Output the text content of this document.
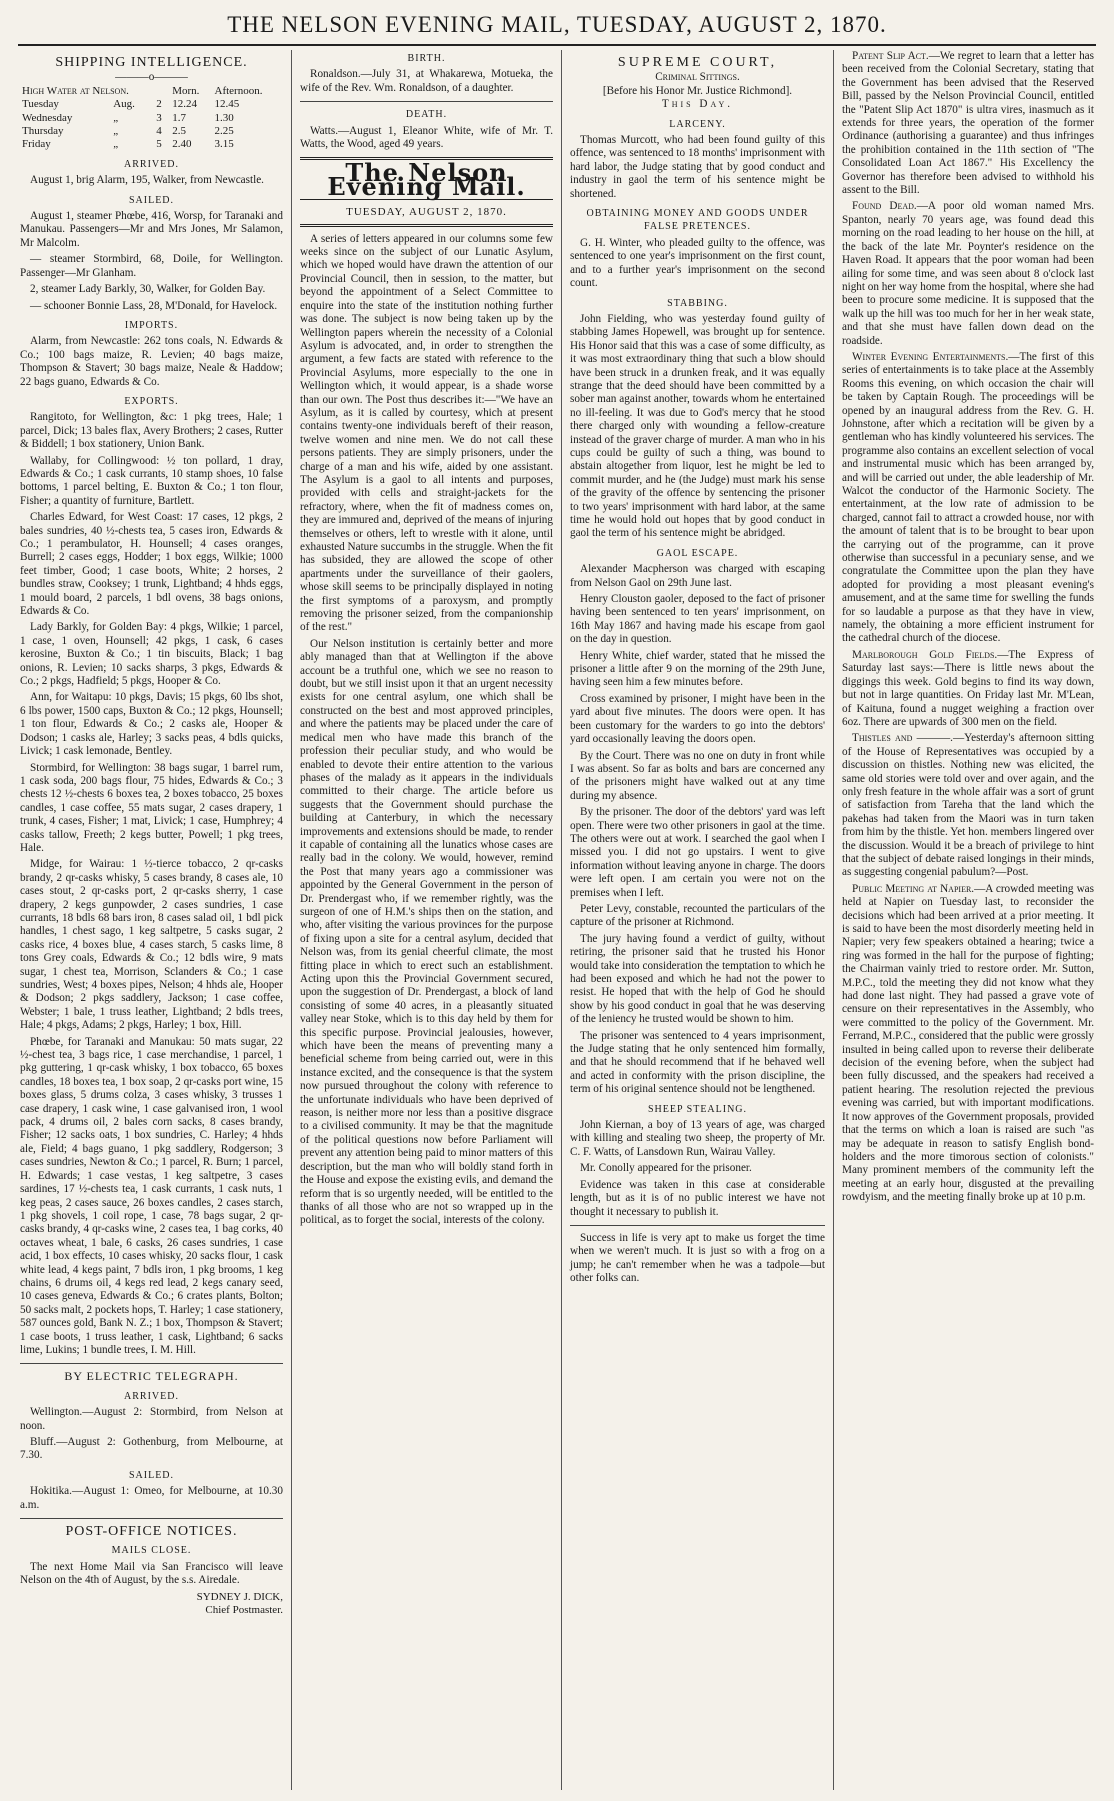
THE NELSON EVENING MAIL, TUESDAY, AUGUST 2, 1870.
SHIPPING INTELLIGENCE.
———o———
High Water at Nelson.			Morn.	Afternoon.
Tuesday	Aug.	2	12.24	12.45
Wednesday	„	3	1.7	1.30
Thursday	„	4	2.5	2.25
Friday	„	5	2.40	3.15
ARRIVED.

August 1, brig Alarm, 195, Walker, from Newcastle.

SAILED.

August 1, steamer Phœbe, 416, Worsp, for Taranaki and Manukau. Passengers—Mr and Mrs Jones, Mr Salamon, Mr Malcolm.

— steamer Stormbird, 68, Doile, for Wellington. Passenger—Mr Glanham.

2, steamer Lady Barkly, 30, Walker, for Golden Bay.

— schooner Bonnie Lass, 28, M'Donald, for Havelock.

IMPORTS.

Alarm, from Newcastle: 262 tons coals, N. Edwards & Co.; 100 bags maize, R. Levien; 40 bags maize, Thompson & Stavert; 30 bags maize, Neale & Haddow; 22 bags guano, Edwards & Co.

EXPORTS.

Rangitoto, for Wellington, &c: 1 pkg trees, Hale; 1 parcel, Dick; 13 bales flax, Avery Brothers; 2 cases, Rutter & Biddell; 1 box stationery, Union Bank.

Wallaby, for Collingwood: ½ ton pollard, 1 dray, Edwards & Co.; 1 cask currants, 10 stamp shoes, 10 false bottoms, 1 parcel belting, E. Buxton & Co.; 1 ton flour, Fisher; a quantity of furniture, Bartlett.

Charles Edward, for West Coast: 17 cases, 12 pkgs, 2 bales sundries, 40 ½-chests tea, 5 cases iron, Edwards & Co.; 1 perambulator, H. Hounsell; 4 cases oranges, Burrell; 2 cases eggs, Hodder; 1 box eggs, Wilkie; 1000 feet timber, Good; 1 case boots, White; 2 horses, 2 bundles straw, Cooksey; 1 trunk, Lightband; 4 hhds eggs, 1 mould board, 2 parcels, 1 bdl ovens, 38 bags onions, Edwards & Co.

Lady Barkly, for Golden Bay: 4 pkgs, Wilkie; 1 parcel, 1 case, 1 oven, Hounsell; 42 pkgs, 1 cask, 6 cases kerosine, Buxton & Co.; 1 tin biscuits, Black; 1 bag onions, R. Levien; 10 sacks sharps, 3 pkgs, Edwards & Co.; 2 pkgs, Hadfield; 5 pkgs, Hooper & Co.

Ann, for Waitapu: 10 pkgs, Davis; 15 pkgs, 60 lbs shot, 6 lbs power, 1500 caps, Buxton & Co.; 12 pkgs, Hounsell; 1 ton flour, Edwards & Co.; 2 casks ale, Hooper & Dodson; 1 casks ale, Harley; 3 sacks peas, 4 bdls quicks, Livick; 1 cask lemonade, Bentley.

Stormbird, for Wellington: 38 bags sugar, 1 barrel rum, 1 cask soda, 200 bags flour, 75 hides, Edwards & Co.; 3 chests 12 ½-chests 6 boxes tea, 2 boxes tobacco, 25 boxes candles, 1 case coffee, 55 mats sugar, 2 cases drapery, 1 trunk, 4 cases, Fisher; 1 mat, Livick; 1 case, Humphrey; 4 casks tallow, Freeth; 2 kegs butter, Powell; 1 pkg trees, Hale.

Midge, for Wairau: 1 ½-tierce tobacco, 2 qr-casks brandy, 2 qr-casks whisky, 5 cases brandy, 8 cases ale, 10 cases stout, 2 qr-casks port, 2 qr-casks sherry, 1 case drapery, 2 kegs gunpowder, 2 cases sundries, 1 case currants, 18 bdls 68 bars iron, 8 cases salad oil, 1 bdl pick handles, 1 chest sago, 1 keg saltpetre, 5 casks sugar, 2 casks rice, 4 boxes blue, 4 cases starch, 5 casks lime, 8 tons Grey coals, Edwards & Co.; 12 bdls wire, 9 mats sugar, 1 chest tea, Morrison, Sclanders & Co.; 1 case sundries, West; 4 boxes pipes, Nelson; 4 hhds ale, Hooper & Dodson; 2 pkgs saddlery, Jackson; 1 case coffee, Webster; 1 bale, 1 truss leather, Lightband; 2 bdls trees, Hale; 4 pkgs, Adams; 2 pkgs, Harley; 1 box, Hill.

Phœbe, for Taranaki and Manukau: 50 mats sugar, 22 ½-chest tea, 3 bags rice, 1 case merchandise, 1 parcel, 1 pkg guttering, 1 qr-cask whisky, 1 box tobacco, 65 boxes candles, 18 boxes tea, 1 box soap, 2 qr-casks port wine, 15 boxes glass, 5 drums colza, 3 cases whisky, 3 trusses 1 case drapery, 1 cask wine, 1 case galvanised iron, 1 wool pack, 4 drums oil, 2 bales corn sacks, 8 cases brandy, Fisher; 12 sacks oats, 1 box sundries, C. Harley; 4 hhds ale, Field; 4 bags guano, 1 pkg saddlery, Rodgerson; 3 cases sundries, Newton & Co.; 1 parcel, R. Burn; 1 parcel, H. Edwards; 1 case vestas, 1 keg saltpetre, 3 cases sardines, 17 ½-chests tea, 1 cask currants, 1 cask nuts, 1 keg peas, 2 cases sauce, 26 boxes candles, 2 cases starch, 1 pkg shovels, 1 coil rope, 1 case, 78 bags sugar, 2 qr-casks brandy, 4 qr-casks wine, 2 cases tea, 1 bag corks, 40 octaves wheat, 1 bale, 6 casks, 26 cases sundries, 1 case acid, 1 box effects, 10 cases whisky, 20 sacks flour, 1 cask white lead, 4 kegs paint, 7 bdls iron, 1 pkg brooms, 1 keg chains, 6 drums oil, 4 kegs red lead, 2 kegs canary seed, 10 cases geneva, Edwards & Co.; 6 crates plants, Bolton; 50 sacks malt, 2 pockets hops, T. Harley; 1 case stationery, 587 ounces gold, Bank N. Z.; 1 box, Thompson & Stavert; 1 case boots, 1 truss leather, 1 cask, Lightband; 6 sacks lime, Lukins; 1 bundle trees, I. M. Hill.

BY ELECTRIC TELEGRAPH.
ARRIVED.

Wellington.—August 2: Stormbird, from Nelson at noon.

Bluff.—August 2: Gothenburg, from Melbourne, at 7.30.

SAILED.

Hokitika.—August 1: Omeo, for Melbourne, at 10.30 a.m.

POST-OFFICE NOTICES.
MAILS CLOSE.

The next Home Mail via San Francisco will leave Nelson on the 4th of August, by the s.s. Airedale.

SYDNEY J. DICK,
Chief Postmaster.
BIRTH.

Ronaldson.—July 31, at Whakarewa, Motueka, the wife of the Rev. Wm. Ronaldson, of a daughter.

DEATH.

Watts.—August 1, Eleanor White, wife of Mr. T. Watts, the Wood, aged 49 years.

The Nelson Evening Mail.
TUESDAY, AUGUST 2, 1870.

A series of letters appeared in our columns some few weeks since on the subject of our Lunatic Asylum, which we hoped would have drawn the attention of our Provincial Council, then in session, to the matter, but beyond the appointment of a Select Committee to enquire into the state of the institution nothing further was done. The subject is now being taken up by the Wellington papers wherein the necessity of a Colonial Asylum is advocated, and, in order to strengthen the argument, a few facts are stated with reference to the Provincial Asylums, more especially to the one in Wellington which, it would appear, is a shade worse than our own. The Post thus describes it:—"We have an Asylum, as it is called by courtesy, which at present contains twenty-one individuals bereft of their reason, twelve women and nine men. We do not call these persons patients. They are simply prisoners, under the charge of a man and his wife, aided by one assistant. The Asylum is a gaol to all intents and purposes, provided with cells and straight-jackets for the refractory, where, when the fit of madness comes on, they are immured and, deprived of the means of injuring themselves or others, left to wrestle with it alone, until exhausted Nature succumbs in the struggle. When the fit has subsided, they are allowed the scope of other apartments under the surveillance of their gaolers, whose skill seems to be principally displayed in noting the first symptoms of a paroxysm, and promptly removing the prisoner seized, from the companionship of the rest."

Our Nelson institution is certainly better and more ably managed than that at Wellington if the above account be a truthful one, which we see no reason to doubt, but we still insist upon it that an urgent necessity exists for one central asylum, one which shall be constructed on the best and most approved principles, and where the patients may be placed under the care of medical men who have made this branch of the profession their peculiar study, and who would be enabled to devote their entire attention to the various phases of the malady as it appears in the individuals committed to their charge. The article before us suggests that the Government should purchase the building at Canterbury, in which the necessary improvements and extensions should be made, to render it capable of containing all the lunatics whose cases are really bad in the colony. We would, however, remind the Post that many years ago a commissioner was appointed by the General Government in the person of Dr. Prendergast who, if we remember rightly, was the surgeon of one of H.M.'s ships then on the station, and who, after visiting the various provinces for the purpose of fixing upon a site for a central asylum, decided that Nelson was, from its genial cheerful climate, the most fitting place in which to erect such an establishment. Acting upon this the Provincial Government secured, upon the suggestion of Dr. Prendergast, a block of land consisting of some 40 acres, in a pleasantly situated valley near Stoke, which is to this day held by them for this specific purpose. Provincial jealousies, however, which have been the means of preventing many a beneficial scheme from being carried out, were in this instance excited, and the consequence is that the system now pursued throughout the colony with reference to the unfortunate individuals who have been deprived of reason, is neither more nor less than a positive disgrace to a civilised community. It may be that the magnitude of the political questions now before Parliament will prevent any attention being paid to minor matters of this description, but the man who will boldly stand forth in the House and expose the existing evils, and demand the reform that is so urgently needed, will be entitled to the thanks of all those who are not so wrapped up in the political, as to forget the social, interests of the colony.

SUPREME COURT,
Criminal Sittings.
[Before his Honor Mr. Justice Richmond].
This Day.
LARCENY.

Thomas Murcott, who had been found guilty of this offence, was sentenced to 18 months' imprisonment with hard labor, the Judge stating that by good conduct and industry in gaol the term of his sentence might be shortened.

OBTAINING MONEY AND GOODS UNDER FALSE PRETENCES.

G. H. Winter, who pleaded guilty to the offence, was sentenced to one year's imprisonment on the first count, and to a further year's imprisonment on the second count.

STABBING.

John Fielding, who was yesterday found guilty of stabbing James Hopewell, was brought up for sentence. His Honor said that this was a case of some difficulty, as it was most extraordinary thing that such a blow should have been struck in a drunken freak, and it was equally strange that the deed should have been committed by a sober man against another, towards whom he entertained no ill-feeling. It was due to God's mercy that he stood there charged only with wounding a fellow-creature instead of the graver charge of murder. A man who in his cups could be guilty of such a thing, was bound to abstain altogether from liquor, lest he might be led to commit murder, and he (the Judge) must mark his sense of the gravity of the offence by sentencing the prisoner to two years' imprisonment with hard labor, at the same time he would hold out hopes that by good conduct in gaol the term of his sentence might be abridged.

GAOL ESCAPE.

Alexander Macpherson was charged with escaping from Nelson Gaol on 29th June last.

Henry Clouston gaoler, deposed to the fact of prisoner having been sentenced to ten years' imprisonment, on 16th May 1867 and having made his escape from gaol on the day in question.

Henry White, chief warder, stated that he missed the prisoner a little after 9 on the morning of the 29th June, having seen him a few minutes before.

Cross examined by prisoner, I might have been in the yard about five minutes. The doors were open. It has been customary for the warders to go into the debtors' yard occasionally leaving the doors open.

By the Court. There was no one on duty in front while I was absent. So far as bolts and bars are concerned any of the prisoners might have walked out at any time during my absence.

By the prisoner. The door of the debtors' yard was left open. There were two other prisoners in gaol at the time. The others were out at work. I searched the gaol when I missed you. I did not go upstairs. I went to give information without leaving anyone in charge. The doors were left open. I am certain you were not on the premises when I left.

Peter Levy, constable, recounted the particulars of the capture of the prisoner at Richmond.

The jury having found a verdict of guilty, without retiring, the prisoner said that he trusted his Honor would take into consideration the temptation to which he had been exposed and which he had not the power to resist. He hoped that with the help of God he should show by his good conduct in goal that he was deserving of the leniency he trusted would be shown to him.

The prisoner was sentenced to 4 years imprisonment, the Judge stating that he only sentenced him formally, and that he should recommend that if he behaved well and acted in conformity with the prison discipline, the term of his original sentence should not be lengthened.

SHEEP STEALING.

John Kiernan, a boy of 13 years of age, was charged with killing and stealing two sheep, the property of Mr. C. F. Watts, of Lansdown Run, Wairau Valley.

Mr. Conolly appeared for the prisoner.

Evidence was taken in this case at considerable length, but as it is of no public interest we have not thought it necessary to publish it.

Success in life is very apt to make us forget the time when we weren't much. It is just so with a frog on a jump; he can't remember when he was a tadpole—but other folks can.

Patent Slip Act.—We regret to learn that a letter has been received from the Colonial Secretary, stating that the Government has been advised that the Reserved Bill, passed by the Nelson Provincial Council, entitled the "Patent Slip Act 1870" is ultra vires, inasmuch as it extends for three years, the operation of the former Ordinance (authorising a guarantee) and thus infringes the prohibition contained in the 11th section of "The Consolidated Loan Act 1867." His Excellency the Governor has therefore been advised to withhold his assent to the Bill.

Found Dead.—A poor old woman named Mrs. Spanton, nearly 70 years age, was found dead this morning on the road leading to her house on the hill, at the back of the late Mr. Poynter's residence on the Haven Road. It appears that the poor woman had been ailing for some time, and was seen about 8 o'clock last night on her way home from the hospital, where she had been to procure some medicine. It is supposed that the walk up the hill was too much for her in her weak state, and that she must have fallen down dead on the roadside.

Winter Evening Entertainments.—The first of this series of entertainments is to take place at the Assembly Rooms this evening, on which occasion the chair will be taken by Captain Rough. The proceedings will be opened by an inaugural address from the Rev. G. H. Johnstone, after which a recitation will be given by a gentleman who has kindly volunteered his services. The programme also contains an excellent selection of vocal and instrumental music which has been arranged by, and will be carried out under, the able leadership of Mr. Walcot the conductor of the Harmonic Society. The entertainment, at the low rate of admission to be charged, cannot fail to attract a crowded house, nor with the amount of talent that is to be brought to bear upon the carrying out of the programme, can it prove otherwise than successful in a pecuniary sense, and we congratulate the Committee upon the plan they have adopted for providing a most pleasant evening's amusement, and at the same time for swelling the funds for so laudable a purpose as that they have in view, namely, the obtaining a more efficient instrument for the cathedral church of the diocese.

Marlborough Gold Fields.—The Express of Saturday last says:—There is little news about the diggings this week. Gold begins to find its way down, but not in large quantities. On Friday last Mr. M'Lean, of Kaituna, found a nugget weighing a fraction over 6oz. There are upwards of 300 men on the field.

Thistles and ———.—Yesterday's afternoon sitting of the House of Representatives was occupied by a discussion on thistles. Nothing new was elicited, the same old stories were told over and over again, and the only fresh feature in the whole affair was a sort of grunt of satisfaction from Tareha that the land which the pakehas had taken from the Maori was in turn taken from him by the thistle. Yet hon. members lingered over the discussion. Would it be a breach of privilege to hint that the subject of debate raised longings in their minds, as suggesting congenial pabulum?—Post.

Public Meeting at Napier.—A crowded meeting was held at Napier on Tuesday last, to reconsider the decisions which had been arrived at a prior meeting. It is said to have been the most disorderly meeting held in Napier; very few speakers obtained a hearing; twice a ring was formed in the hall for the purpose of fighting; the Chairman vainly tried to restore order. Mr. Sutton, M.P.C., told the meeting they did not know what they had done last night. They had passed a grave vote of censure on their representatives in the Assembly, who were committed to the policy of the Government. Mr. Ferrand, M.P.C., considered that the public were grossly insulted in being called upon to reverse their deliberate decision of the evening before, when the subject had been fully discussed, and the speakers had received a patient hearing. The resolution rejected the previous evening was carried, but with important modifications. It now approves of the Government proposals, provided that the terms on which a loan is raised are such "as may be adequate in reason to satisfy English bond-holders and the more timorous section of colonists." Many prominent members of the community left the meeting at an early hour, disgusted at the prevailing rowdyism, and the meeting finally broke up at 10 p.m.
